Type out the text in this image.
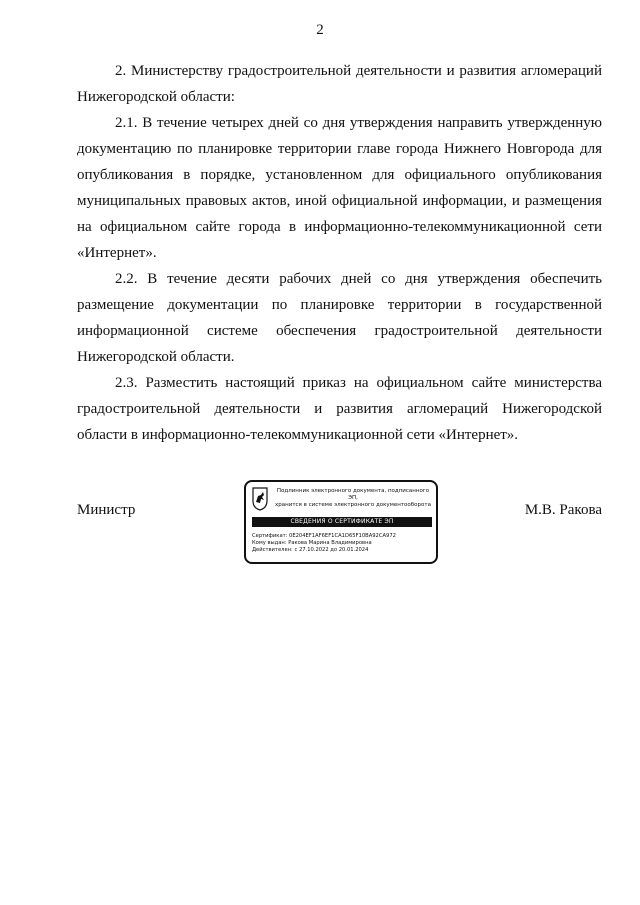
2

2. Министерству градостроительной деятельности и развития агломераций Нижегородской области:

2.1. В течение четырех дней со дня утверждения направить утвержденную документацию по планировке территории главе города Нижнего Новгорода для опубликования в порядке, установленном для официального опубликования муниципальных правовых актов, иной официальной информации, и размещения на официальном сайте города в информационно-телекоммуникационной сети «Интернет».

2.2. В течение десяти рабочих дней со дня утверждения обеспечить размещение документации по планировке территории в государственной информационной системе обеспечения градостроительной деятельности Нижегородской области.

2.3. Разместить настоящий приказ на официальном сайте министерства градостроительной деятельности и развития агломераций Нижегородской области в информационно-телекоммуникационной сети «Интернет».

Министр
Подлинник электронного документа, подписанного ЭП,
хранится в системе электронного документооборота
СВЕДЕНИЯ О СЕРТИФИКАТЕ ЭП
Сертификат: 0E204EF1AF6EF1CA1D65F10BA92CA972
Кому выдан: Ракова Марина Владимировна
Действителен: с 27.10.2022 до 20.01.2024
М.В. Ракова
